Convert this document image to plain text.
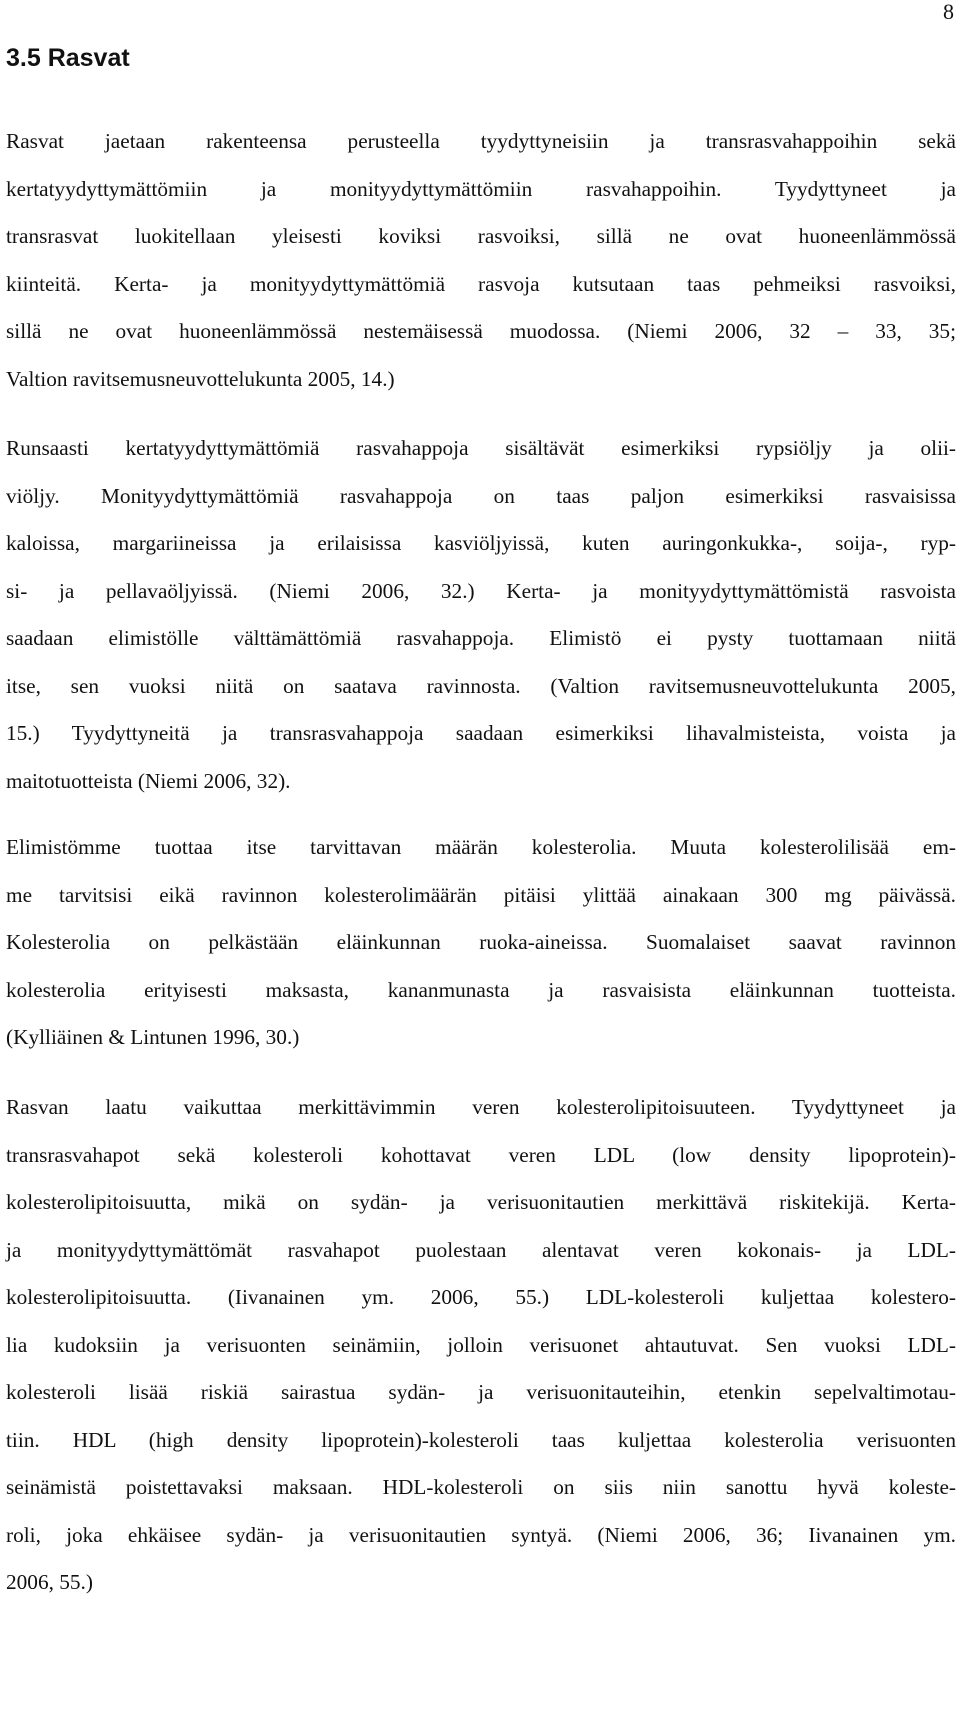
8
3.5 Rasvat
Rasvat jaetaan rakenteensa perusteella tyydyttyneisiin ja transrasvahappoihin sekä
kertatyydyttymättömiin ja monityydyttymättömiin rasvahappoihin. Tyydyttyneet ja
transrasvat luokitellaan yleisesti koviksi rasvoiksi, sillä ne ovat huoneenlämmössä
kiinteitä. Kerta- ja monityydyttymättömiä rasvoja kutsutaan taas pehmeiksi rasvoiksi,
sillä ne ovat huoneenlämmössä nestemäisessä muodossa. (Niemi 2006, 32 – 33, 35;
Valtion ravitsemusneuvottelukunta 2005, 14.)
Runsaasti kertatyydyttymättömiä rasvahappoja sisältävät esimerkiksi rypsiöljy ja olii-
viöljy. Monityydyttymättömiä rasvahappoja on taas paljon esimerkiksi rasvaisissa
kaloissa, margariineissa ja erilaisissa kasviöljyissä, kuten auringonkukka-, soija-, ryp-
si- ja pellavaöljyissä. (Niemi 2006, 32.) Kerta- ja monityydyttymättömistä rasvoista
saadaan elimistölle välttämättömiä rasvahappoja. Elimistö ei pysty tuottamaan niitä
itse, sen vuoksi niitä on saatava ravinnosta. (Valtion ravitsemusneuvottelukunta 2005,
15.) Tyydyttyneitä ja transrasvahappoja saadaan esimerkiksi lihavalmisteista, voista ja
maitotuotteista (Niemi 2006, 32).
Elimistömme tuottaa itse tarvittavan määrän kolesterolia. Muuta kolesterolilisää em-
me tarvitsisi eikä ravinnon kolesterolimäärän pitäisi ylittää ainakaan 300 mg päivässä.
Kolesterolia on pelkästään eläinkunnan ruoka-aineissa. Suomalaiset saavat ravinnon
kolesterolia erityisesti maksasta, kananmunasta ja rasvaisista eläinkunnan tuotteista.
(Kylliäinen & Lintunen 1996, 30.)
Rasvan laatu vaikuttaa merkittävimmin veren kolesterolipitoisuuteen. Tyydyttyneet ja
transrasvahapot sekä kolesteroli kohottavat veren LDL (low density lipoprotein)-
kolesterolipitoisuutta, mikä on sydän- ja verisuonitautien merkittävä riskitekijä. Kerta-
ja monityydyttymättömät rasvahapot puolestaan alentavat veren kokonais- ja LDL-
kolesterolipitoisuutta. (Iivanainen ym. 2006, 55.) LDL-kolesteroli kuljettaa kolestero-
lia kudoksiin ja verisuonten seinämiin, jolloin verisuonet ahtautuvat. Sen vuoksi LDL-
kolesteroli lisää riskiä sairastua sydän- ja verisuonitauteihin, etenkin sepelvaltimotau-
tiin. HDL (high density lipoprotein)-kolesteroli taas kuljettaa kolesterolia verisuonten
seinämistä poistettavaksi maksaan. HDL-kolesteroli on siis niin sanottu hyvä koleste-
roli, joka ehkäisee sydän- ja verisuonitautien syntyä. (Niemi 2006, 36; Iivanainen ym.
2006, 55.)
